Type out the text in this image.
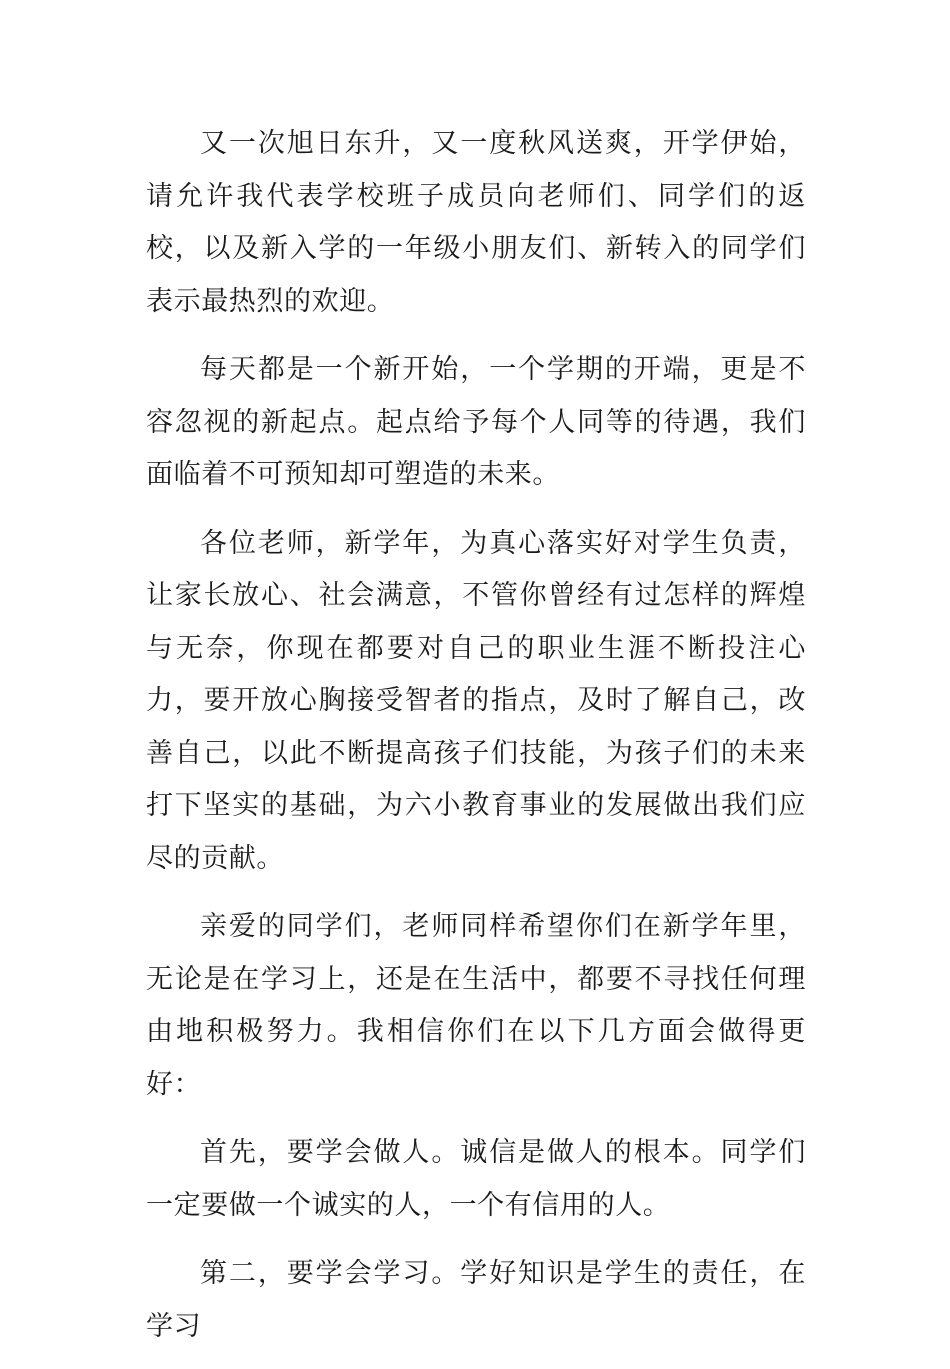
又一次旭日东升，又一度秋风送爽，开学伊始，请允许我代表学校班子成员向老师们、同学们的返校，以及新入学的一年级小朋友们、新转入的同学们表示最热烈的欢迎。

每天都是一个新开始，一个学期的开端，更是不容忽视的新起点。起点给予每个人同等的待遇，我们面临着不可预知却可塑造的未来。

各位老师，新学年，为真心落实好对学生负责，让家长放心、社会满意，不管你曾经有过怎样的辉煌与无奈，你现在都要对自己的职业生涯不断投注心力，要开放心胸接受智者的指点，及时了解自己，改善自己，以此不断提高孩子们技能，为孩子们的未来打下坚实的基础，为六小教育事业的发展做出我们应尽的贡献。

亲爱的同学们，老师同样希望你们在新学年里，无论是在学习上，还是在生活中，都要不寻找任何理由地积极努力。我相信你们在以下几方面会做得更好：

首先，要学会做人。诚信是做人的根本。同学们一定要做一个诚实的人，一个有信用的人。

第二，要学会学习。学好知识是学生的责任，在学习
